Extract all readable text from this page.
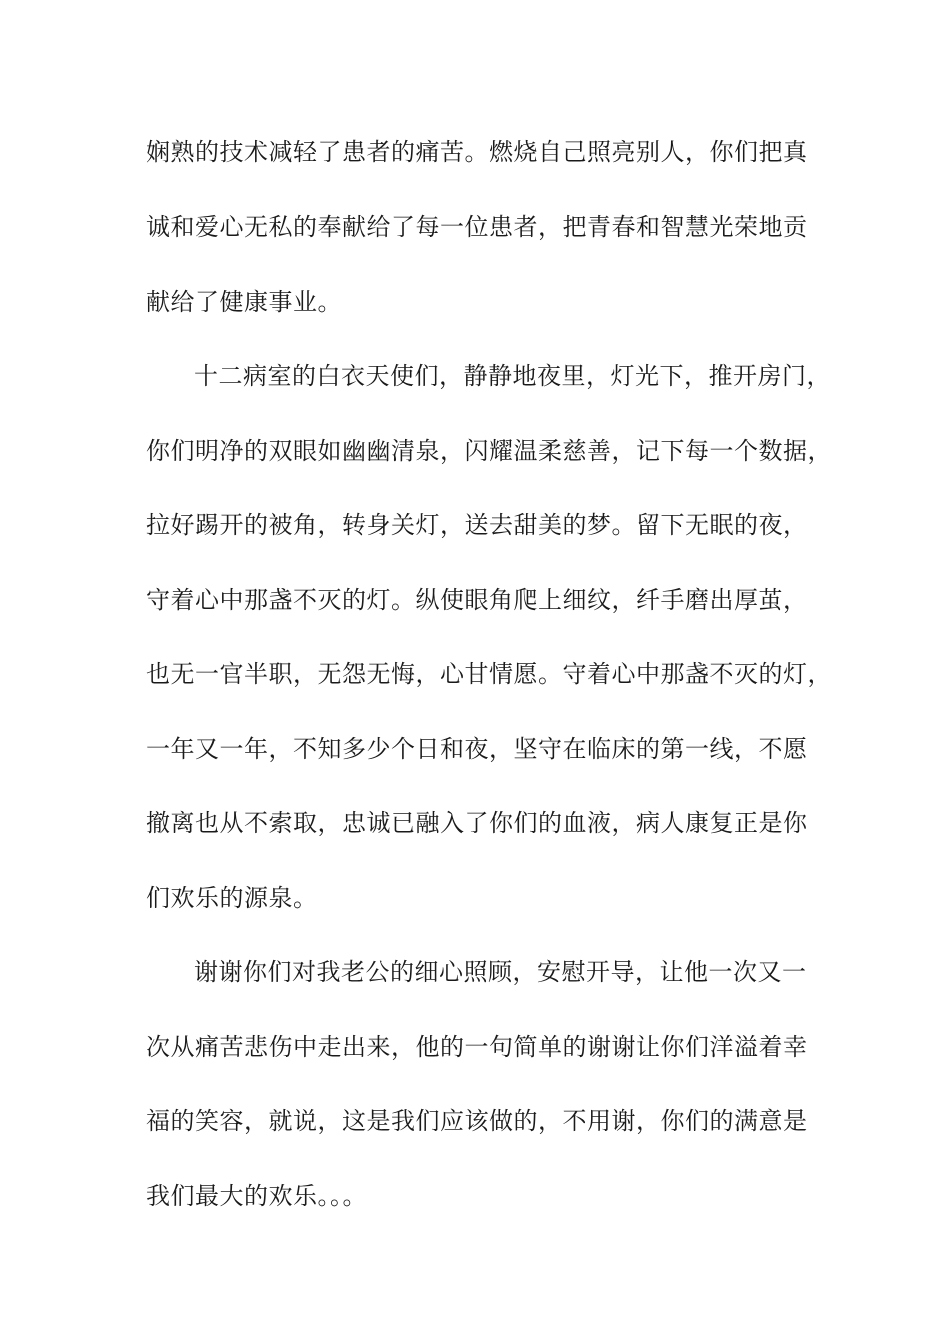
娴熟的技术减轻了患者的痛苦。燃烧自己照亮别人，你们把真
诚和爱心无私的奉献给了每一位患者，把青春和智慧光荣地贡
献给了健康事业。
十二病室的白衣天使们，静静地夜里，灯光下，推开房门，
你们明净的双眼如幽幽清泉，闪耀温柔慈善，记下每一个数据，
拉好踢开的被角，转身关灯，送去甜美的梦。留下无眠的夜，
守着心中那盏不灭的灯。纵使眼角爬上细纹，纤手磨出厚茧，
也无一官半职，无怨无悔，心甘情愿。守着心中那盏不灭的灯，
一年又一年，不知多少个日和夜，坚守在临床的第一线，不愿
撤离也从不索取，忠诚已融入了你们的血液，病人康复正是你
们欢乐的源泉。
谢谢你们对我老公的细心照顾，安慰开导，让他一次又一
次从痛苦悲伤中走出来，他的一句简单的谢谢让你们洋溢着幸
福的笑容，就说，这是我们应该做的，不用谢，你们的满意是
我们最大的欢乐。。。
